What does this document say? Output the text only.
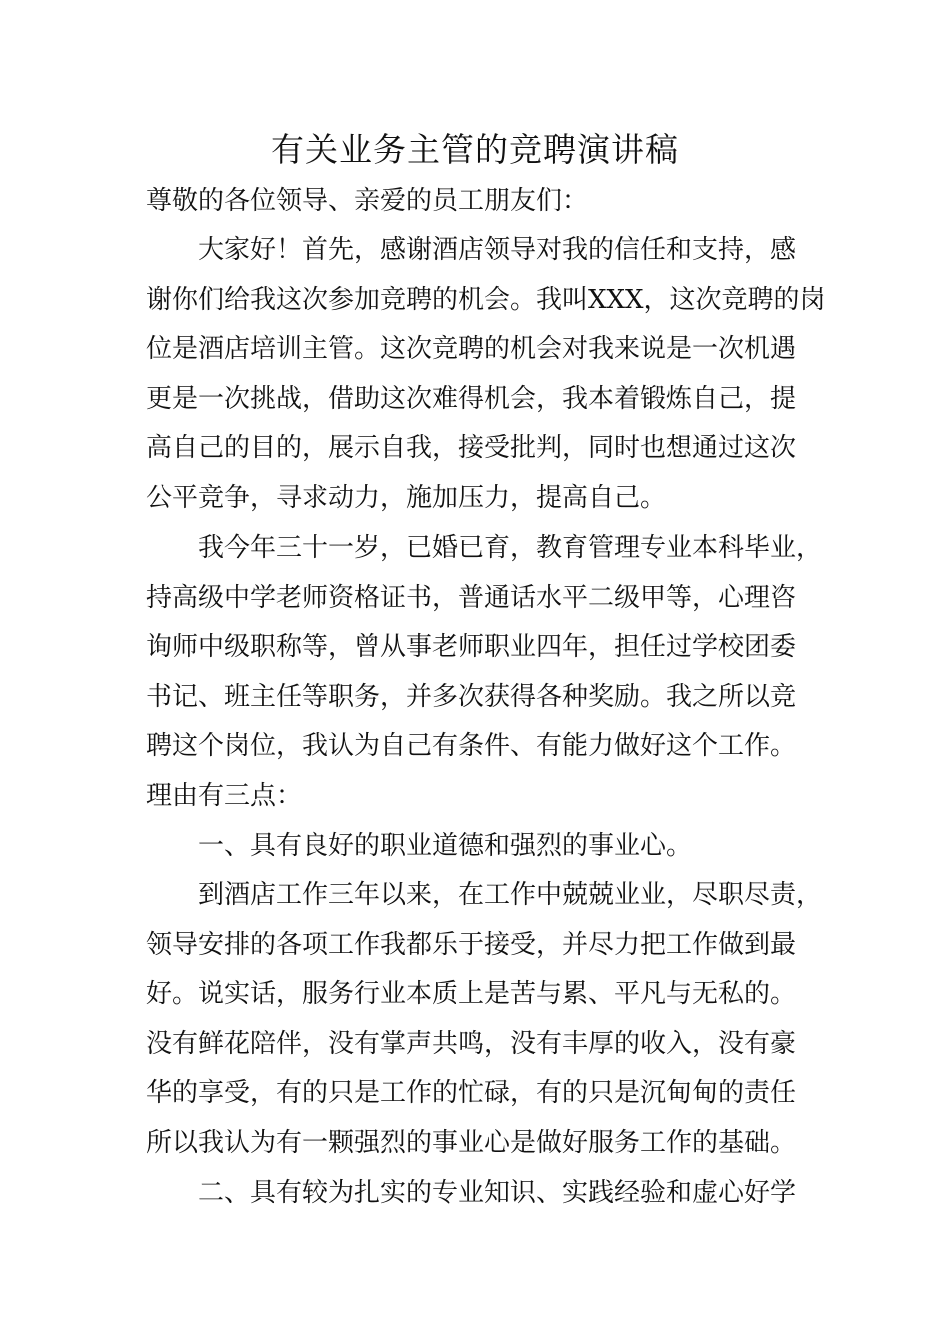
有关业务主管的竞聘演讲稿
尊敬的各位领导、亲爱的员工朋友们：
大家好！首先，感谢酒店领导对我的信任和支持，感
谢你们给我这次参加竞聘的机会。我叫XXX，这次竞聘的岗
位是酒店培训主管。这次竞聘的机会对我来说是一次机遇
更是一次挑战，借助这次难得机会，我本着锻炼自己，提
高自己的目的，展示自我，接受批判，同时也想通过这次
公平竞争，寻求动力，施加压力，提高自己。
我今年三十一岁，已婚已育，教育管理专业本科毕业，
持高级中学老师资格证书，普通话水平二级甲等，心理咨
询师中级职称等，曾从事老师职业四年，担任过学校团委
书记、班主任等职务，并多次获得各种奖励。我之所以竞
聘这个岗位，我认为自己有条件、有能力做好这个工作。
理由有三点：
一、具有良好的职业道德和强烈的事业心。
到酒店工作三年以来，在工作中兢兢业业，尽职尽责，
领导安排的各项工作我都乐于接受，并尽力把工作做到最
好。说实话，服务行业本质上是苦与累、平凡与无私的。
没有鲜花陪伴，没有掌声共鸣，没有丰厚的收入，没有豪
华的享受，有的只是工作的忙碌，有的只是沉甸甸的责任
所以我认为有一颗强烈的事业心是做好服务工作的基础。
二、具有较为扎实的专业知识、实践经验和虚心好学
